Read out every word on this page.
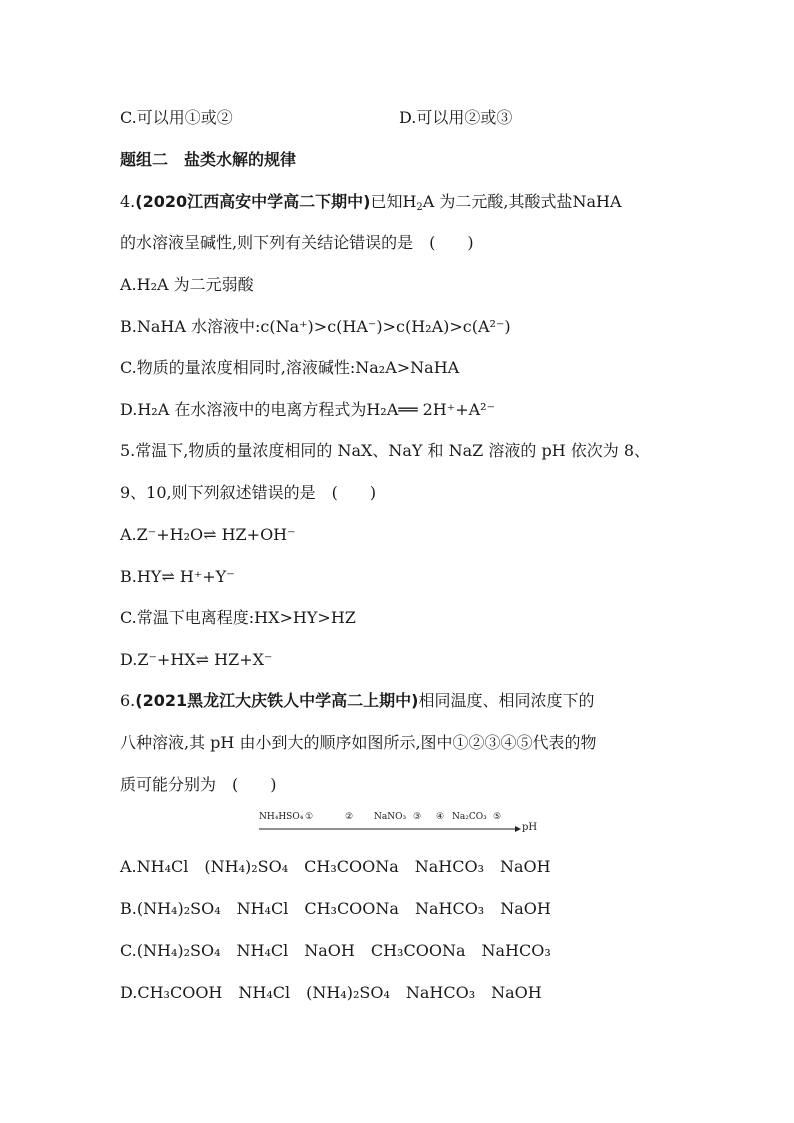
C.可以用①或②	D.可以用②或③
题组二　盐类水解的规律
4.(2020江西高安中学高二下期中)已知$H_2A$ 为二元酸,其酸式盐NaHA
的水溶液呈碱性,则下列有关结论错误的是　 (　　)
A.H₂A 为二元弱酸
B.NaHA 水溶液中:c(Na⁺)>c(HA⁻)>c(H₂A)>c(A²⁻)
C.物质的量浓度相同时,溶液碱性:Na₂A>NaHA
D.H₂A 在水溶液中的电离方程式为H₂A══ 2H⁺+A²⁻
5.常温下,物质的量浓度相同的 NaX、NaY 和 NaZ 溶液的 pH 依次为 8、
9、10,则下列叙述错误的是　 (　　)
A.Z⁻+H₂O⇌ HZ+OH⁻
B.HY⇌ H⁺+Y⁻
C.常温下电离程度:HX>HY>HZ
D.Z⁻+HX⇌ HZ+X⁻
6.(2021黑龙江大庆铁人中学高二上期中)相同温度、相同浓度下的
八种溶液,其 pH 由小到大的顺序如图所示,图中①②③④⑤代表的物
质可能分别为　 (　　)
NH₄HSO₄ ①	② NaNO₃ ③ ④ Na₂CO₃ ⑤
pH
A.NH₄Cl　(NH₄)₂SO₄　CH₃COONa　NaHCO₃　NaOH
B.(NH₄)₂SO₄　NH₄Cl　CH₃COONa　NaHCO₃　NaOH
C.(NH₄)₂SO₄　NH₄Cl　NaOH　CH₃COONa　NaHCO₃
D.CH₃COOH　NH₄Cl　(NH₄)₂SO₄　NaHCO₃　NaOH
